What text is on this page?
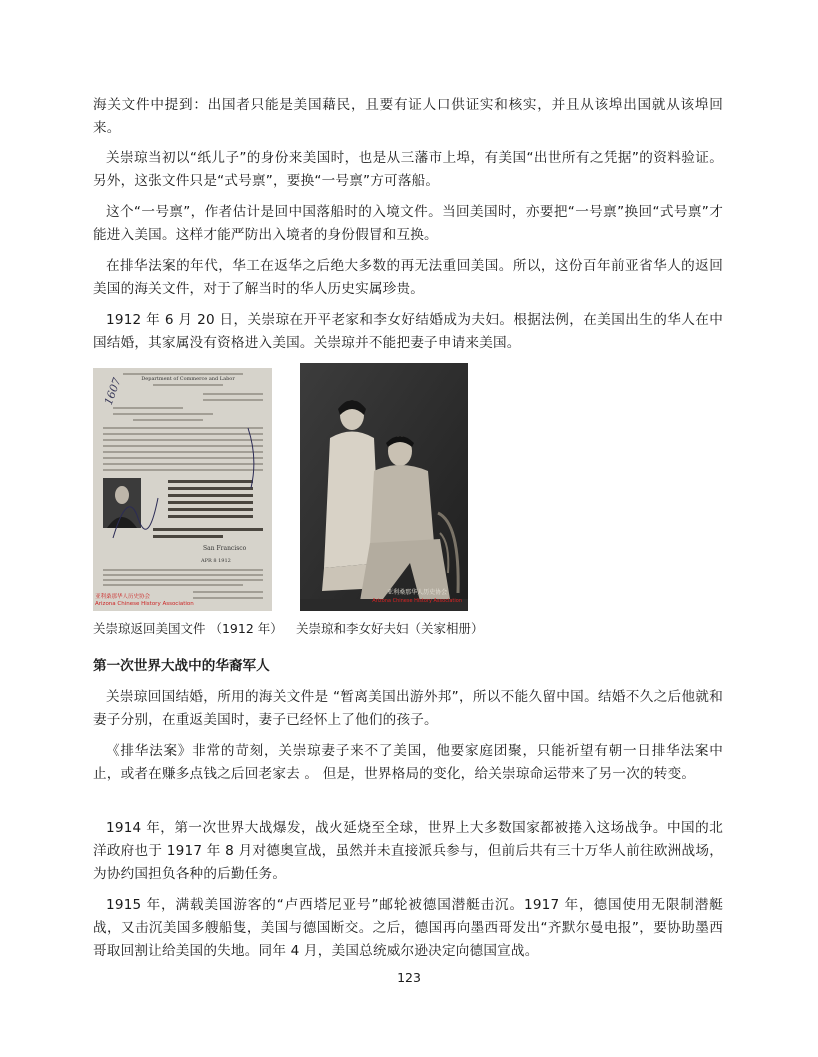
海关文件中提到：出国者只能是美国藉民，且要有证人口供证实和核实，并且从该埠出国就从该埠回来。

关崇琼当初以“纸儿子”的身份来美国时，也是从三藩市上埠，有美国“出世所有之凭据”的资料验证。另外，这张文件只是“式号禀”，要换“一号禀”方可落船。

这个“一号禀”，作者估计是回中国落船时的入境文件。当回美国时，亦要把“一号禀”换回“式号禀”才能进入美国。这样才能严防出入境者的身份假冒和互换。

在排华法案的年代，华工在返华之后绝大多数的再无法重回美国。所以，这份百年前亚省华人的返回美国的海关文件，对于了解当时的华人历史实属珍贵。

1912 年 6 月 20 日，关崇琼在开平老家和李女好结婚成为夫妇。根据法例，在美国出生的华人在中国结婚，其家属没有资格进入美国。关崇琼并不能把妻子申请来美国。

Department of Commerce and Labor
1607
San Francisco
APR 8 1912
亚利桑那华人历史协会
Arizona Chinese History Association
亚利桑那华人历史协会
Arizona Chinese History Association

关崇琼返回美国文件 （1912 年） 关崇琼和李女好夫妇（关家相册）

第一次世界大战中的华裔军人

关崇琼回国结婚，所用的海关文件是 “暂离美国出游外邦”，所以不能久留中国。结婚不久之后他就和妻子分别，在重返美国时，妻子已经怀上了他们的孩子。

《排华法案》非常的苛刻，关崇琼妻子来不了美国，他要家庭团聚，只能祈望有朝一日排华法案中止，或者在赚多点钱之后回老家去 。 但是，世界格局的变化，给关崇琼命运带来了另一次的转变。

1914 年，第一次世界大战爆发，战火延烧至全球，世界上大多数国家都被捲入这场战争。中国的北洋政府也于 1917 年 8 月对德奥宣战，虽然并未直接派兵参与，但前后共有三十万华人前往欧洲战场，为协约国担负各种的后勤任务。

1915 年，满载美国游客的“卢西塔尼亚号”邮轮被德国潜艇击沉。1917 年，德国使用无限制潜艇战，又击沉美国多艘船隻，美国与德国断交。之后，德国再向墨西哥发出“齐默尔曼电报”，要协助墨西哥取回割让给美国的失地。同年 4 月，美国总统威尔逊决定向德国宣战。

123
